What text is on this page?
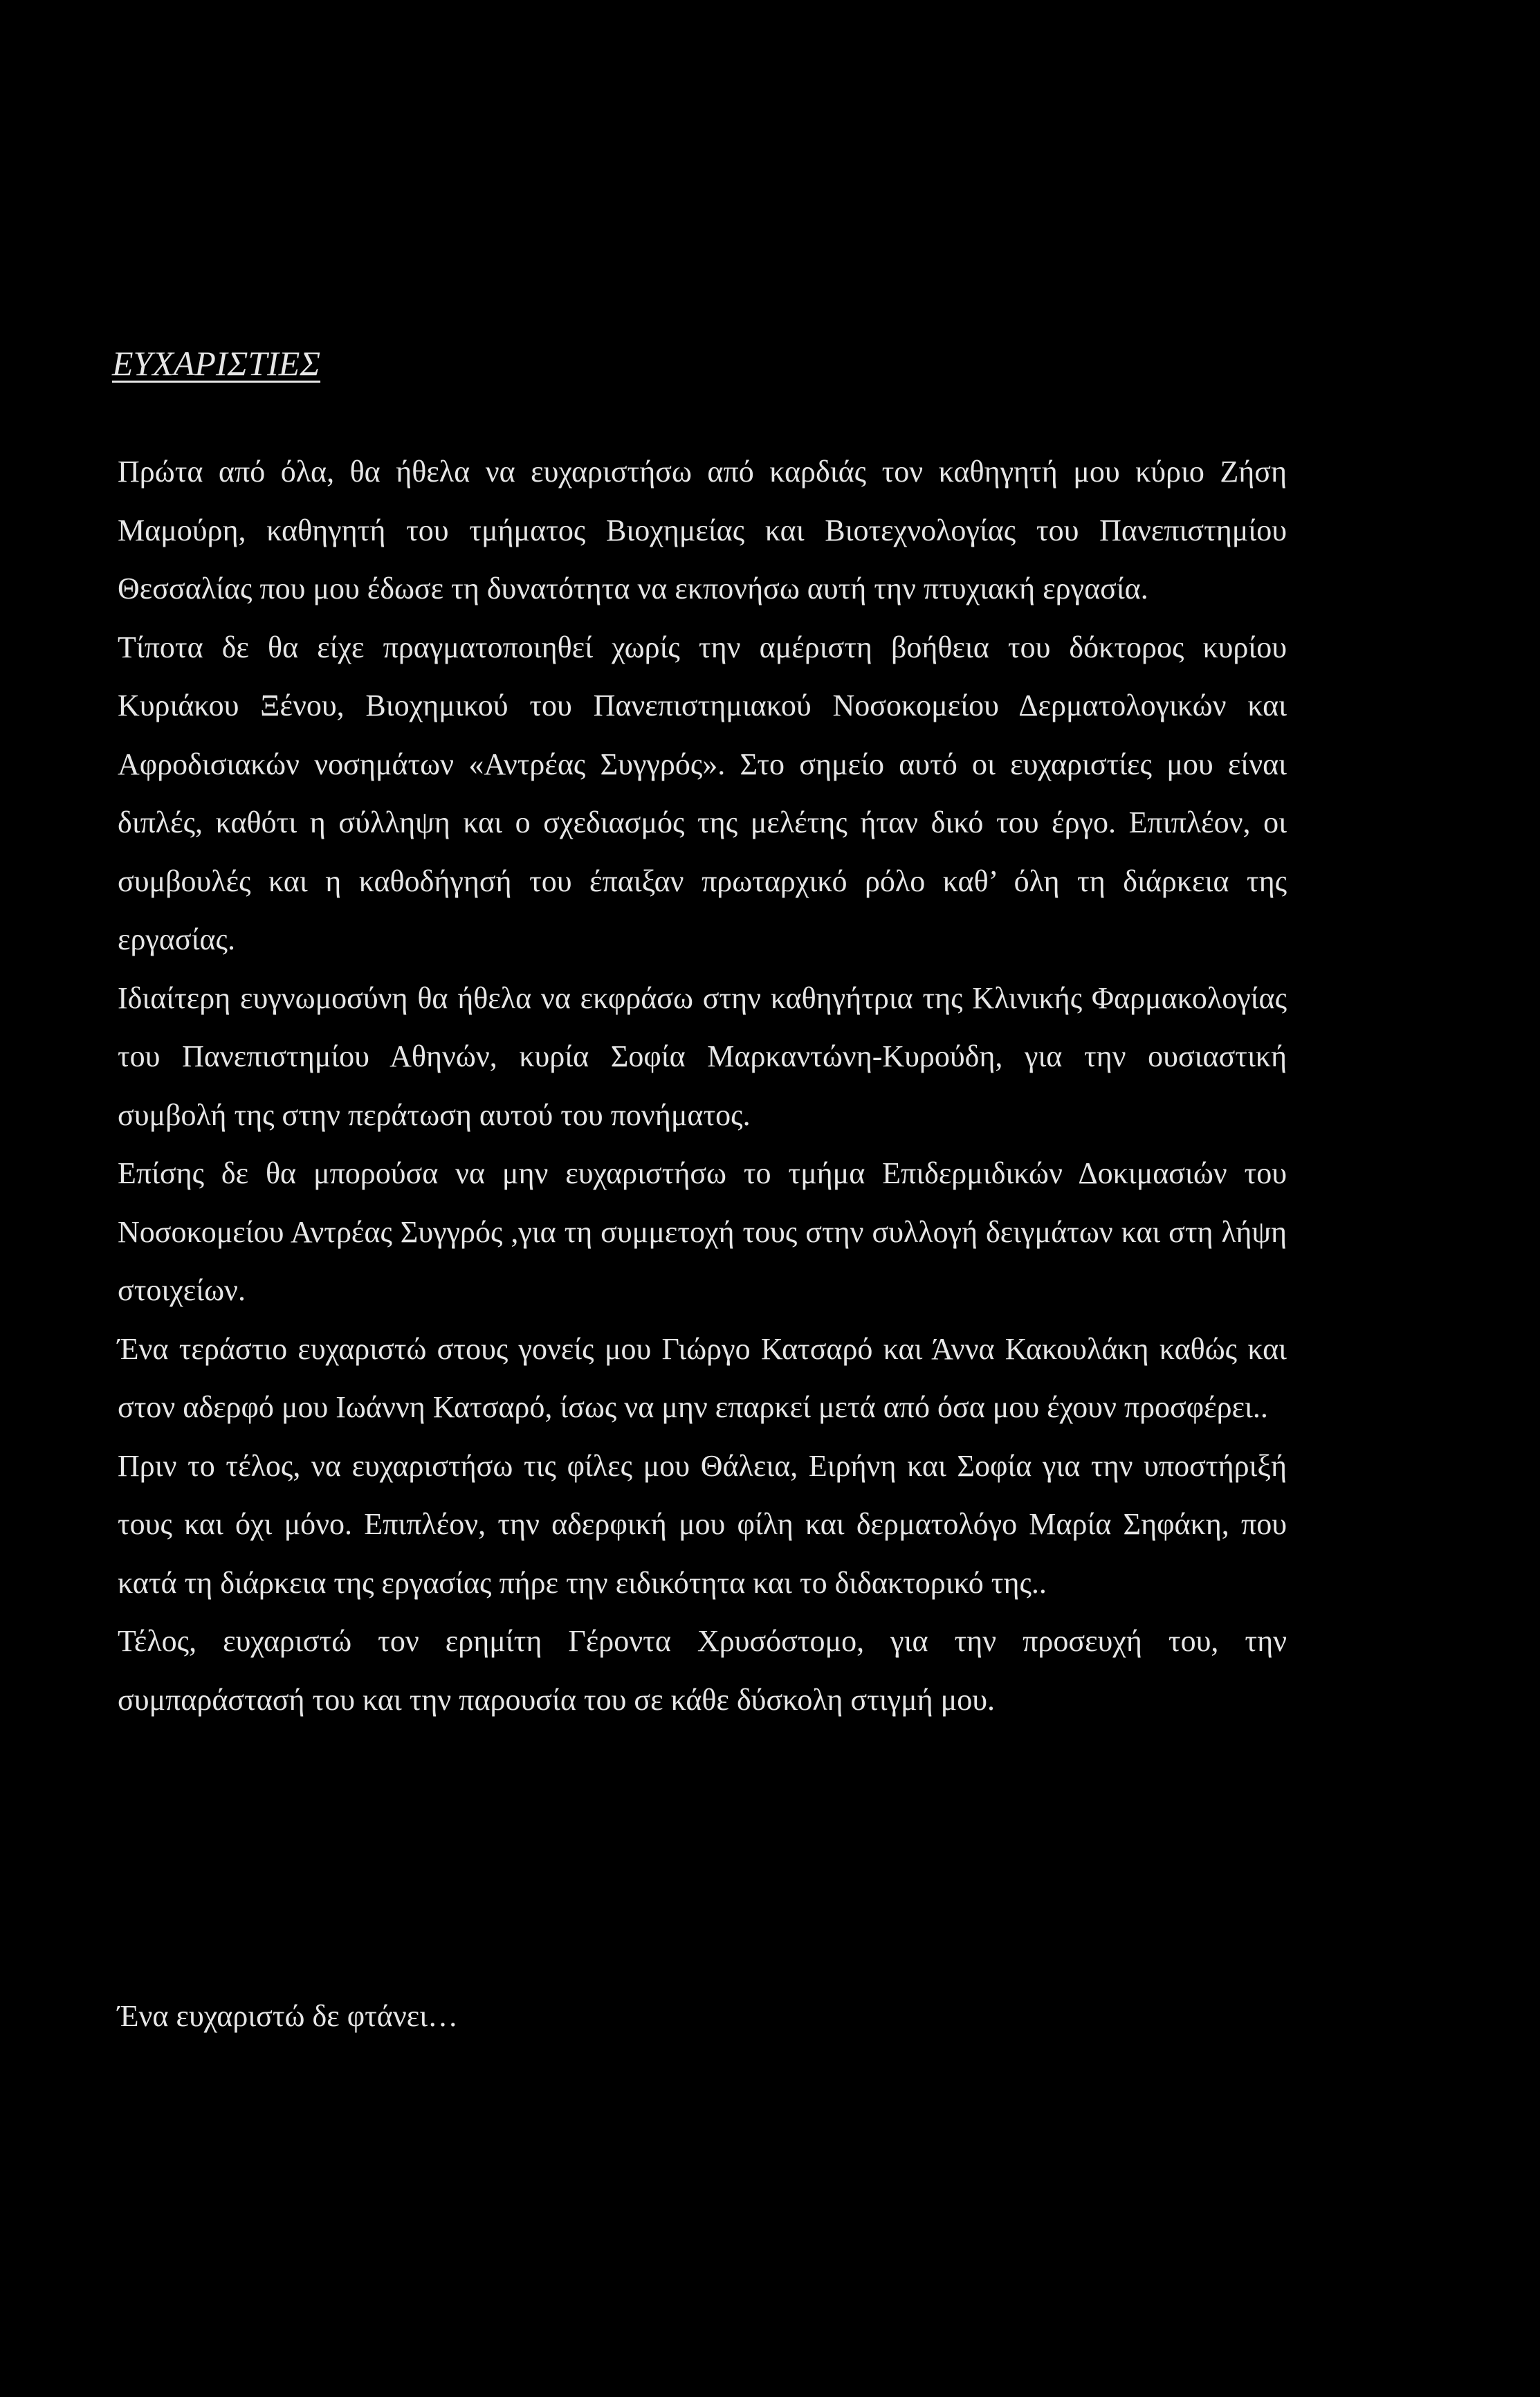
ΕΥΧΑΡΙΣΤΙΕΣ

Πρώτα από όλα, θα ήθελα να ευχαριστήσω από καρδιάς τον καθηγητή μου κύριο Ζήση Μαμούρη, καθηγητή του τμήματος Βιοχημείας και Βιοτεχνολογίας του Πανεπιστημίου Θεσσαλίας που μου έδωσε τη δυνατότητα να εκπονήσω αυτή την πτυχιακή εργασία.

Τίποτα δε θα είχε πραγματοποιηθεί χωρίς την αμέριστη βοήθεια του δόκτορος κυρίου Κυριάκου Ξένου, Βιοχημικού του Πανεπιστημιακού Νοσοκομείου Δερματολογικών και Αφροδισιακών νοσημάτων «Αντρέας Συγγρός». Στο σημείο αυτό οι ευχαριστίες μου είναι διπλές, καθότι η σύλληψη και ο σχεδιασμός της μελέτης ήταν δικό του έργο. Επιπλέον, οι συμβουλές και η καθοδήγησή του έπαιξαν πρωταρχικό ρόλο καθ’ όλη τη διάρκεια της εργασίας.

Ιδιαίτερη ευγνωμοσύνη θα ήθελα να εκφράσω στην καθηγήτρια της Κλινικής Φαρμακολογίας του Πανεπιστημίου Αθηνών, κυρία Σοφία Μαρκαντώνη-Κυρούδη, για την ουσιαστική συμβολή της στην περάτωση αυτού του πονήματος.

Επίσης δε θα μπορούσα να μην ευχαριστήσω το τμήμα Επιδερμιδικών Δοκιμασιών του Νοσοκομείου Αντρέας Συγγρός ,για τη συμμετοχή τους στην συλλογή δειγμάτων και στη λήψη στοιχείων.

Ένα τεράστιο ευχαριστώ στους γονείς μου Γιώργο Κατσαρό και Άννα Κακουλάκη καθώς και στον αδερφό μου Ιωάννη Κατσαρό, ίσως να μην επαρκεί μετά από όσα μου έχουν προσφέρει..

Πριν το τέλος, να ευχαριστήσω τις φίλες μου Θάλεια, Ειρήνη και Σοφία για την υποστήριξή τους και όχι μόνο. Επιπλέον, την αδερφική μου φίλη και δερματολόγο Μαρία Σηφάκη, που κατά τη διάρκεια της εργασίας πήρε την ειδικότητα και το διδακτορικό της..

Τέλος, ευχαριστώ τον ερημίτη Γέροντα Χρυσόστομο, για την προσευχή του, την συμπαράστασή του και την παρουσία του σε κάθε δύσκολη στιγμή μου.

Ένα ευχαριστώ δε φτάνει…
